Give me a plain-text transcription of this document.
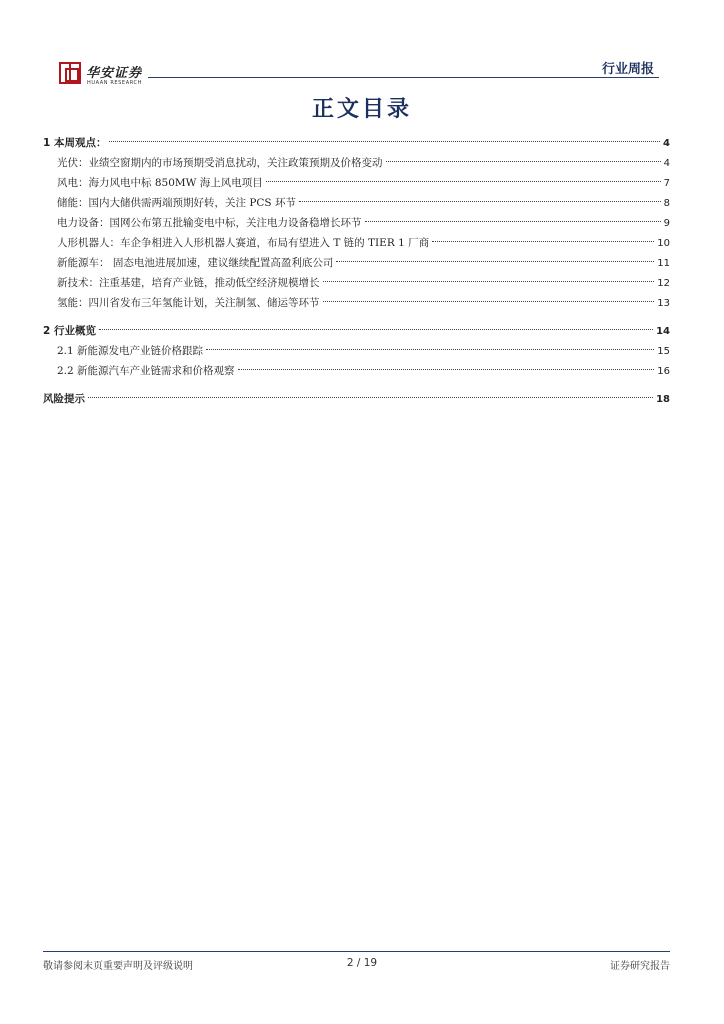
华安证券
HUAAN RESEARCH
行业周报
正文目录
1 本周观点：	4
光伏：业绩空窗期内的市场预期受消息扰动，关注政策预期及价格变动	4
风电：海力风电中标 850MW 海上风电项目	7
储能：国内大储供需两端预期好转，关注 PCS 环节	8
电力设备：国网公布第五批输变电中标，关注电力设备稳增长环节	9
人形机器人：车企争相进入人形机器人赛道，布局有望进入 T 链的 TIER 1 厂商	10
新能源车： 固态电池进展加速，建议继续配置高盈利底公司	11
新技术：注重基建，培育产业链，推动低空经济规模增长	12
氢能：四川省发布三年氢能计划，关注制氢、储运等环节	13
2 行业概览	14
2.1 新能源发电产业链价格跟踪	15
2.2 新能源汽车产业链需求和价格观察	16
风险提示	18
敬请参阅末页重要声明及评级说明	2 / 19	证券研究报告
